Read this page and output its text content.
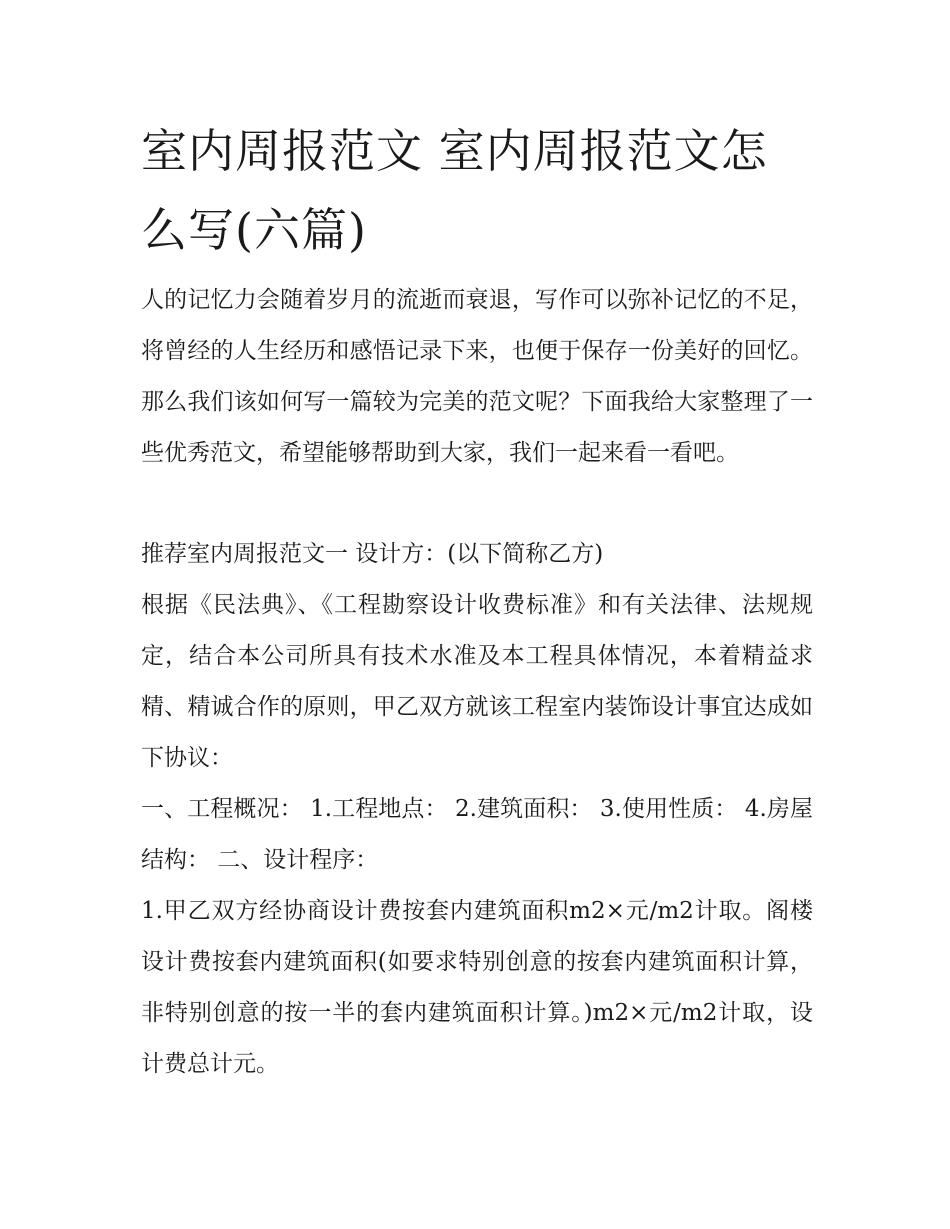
室内周报范文 室内周报范文怎么写(六篇)

人的记忆力会随着岁月的流逝而衰退，写作可以弥补记忆的不足，将曾经的人生经历和感悟记录下来，也便于保存一份美好的回忆。那么我们该如何写一篇较为完美的范文呢？下面我给大家整理了一些优秀范文，希望能够帮助到大家，我们一起来看一看吧。

推荐室内周报范文一 设计方：(以下简称乙方)

根据《民法典》、《工程勘察设计收费标准》和有关法律、法规规定，结合本公司所具有技术水准及本工程具体情况，本着精益求精、精诚合作的原则，甲乙双方就该工程室内装饰设计事宜达成如下协议：

一、工程概况： 1.工程地点： 2.建筑面积： 3.使用性质： 4.房屋结构： 二、设计程序：

1.甲乙双方经协商设计费按套内建筑面积m2×元/m2计取。阁楼设计费按套内建筑面积(如要求特别创意的按套内建筑面积计算，非特别创意的按一半的套内建筑面积计算。)m2×元/m2计取，设计费总计元。
